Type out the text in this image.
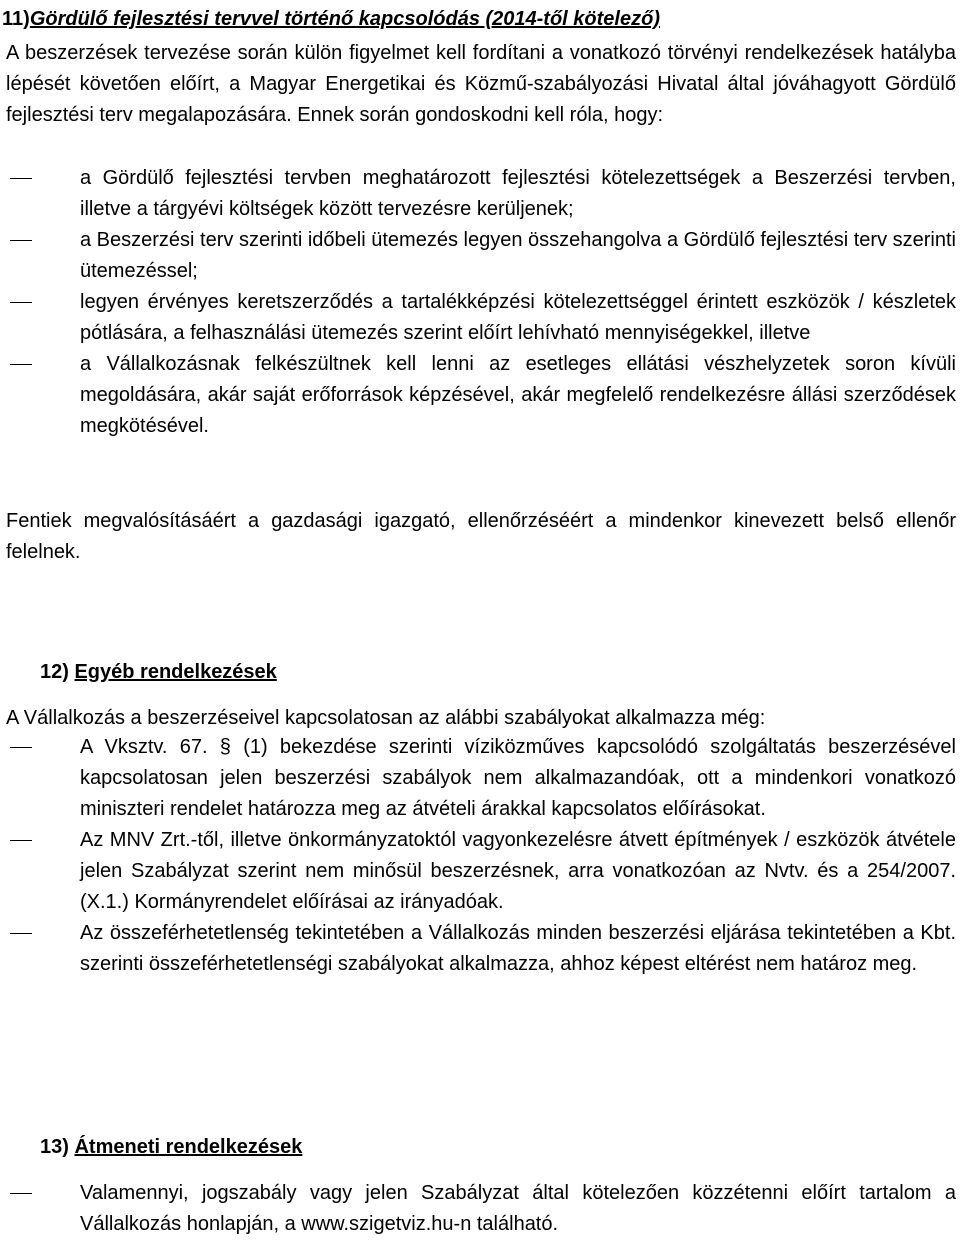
11)Gördülő fejlesztési tervvel történő kapcsolódás (2014-től kötelező)
A beszerzések tervezése során külön figyelmet kell fordítani a vonatkozó törvényi rendelkezések hatályba lépését követően előírt, a Magyar Energetikai és Közmű-szabályozási Hivatal által jóváhagyott Gördülő fejlesztési terv megalapozására. Ennek során gondoskodni kell róla, hogy:
a Gördülő fejlesztési tervben meghatározott fejlesztési kötelezettségek a Beszerzési tervben, illetve a tárgyévi költségek között tervezésre kerüljenek;
a Beszerzési terv szerinti időbeli ütemezés legyen összehangolva a Gördülő fejlesztési terv szerinti ütemezéssel;
legyen érvényes keretszerződés a tartalékképzési kötelezettséggel érintett eszközök / készletek pótlására, a felhasználási ütemezés szerint előírt lehívható mennyiségekkel, illetve
a Vállalkozásnak felkészültnek kell lenni az esetleges ellátási vészhelyzetek soron kívüli megoldására, akár saját erőforrások képzésével, akár megfelelő rendelkezésre állási szerződések megkötésével.
Fentiek megvalósításáért a gazdasági igazgató, ellenőrzéséért a mindenkor kinevezett belső ellenőr felelnek.
12) Egyéb rendelkezések
A Vállalkozás a beszerzéseivel kapcsolatosan az alábbi szabályokat alkalmazza még:
A Vksztv. 67. § (1) bekezdése szerinti víziközműves kapcsolódó szolgáltatás beszerzésével kapcsolatosan jelen beszerzési szabályok nem alkalmazandóak, ott a mindenkori vonatkozó miniszteri rendelet határozza meg az átvételi árakkal kapcsolatos előírásokat.
Az MNV Zrt.-től, illetve önkormányzatoktól vagyonkezelésre átvett építmények / eszközök átvétele jelen Szabályzat szerint nem minősül beszerzésnek, arra vonatkozóan az Nvtv. és a 254/2007. (X.1.) Kormányrendelet előírásai az irányadóak.
Az összeférhetetlenség tekintetében a Vállalkozás minden beszerzési eljárása tekintetében a Kbt. szerinti összeférhetetlenségi szabályokat alkalmazza, ahhoz képest eltérést nem határoz meg.
13) Átmeneti rendelkezések
Valamennyi, jogszabály vagy jelen Szabályzat által kötelezően közzétenni előírt tartalom a Vállalkozás honlapján, a www.szigetviz.hu-n található.
